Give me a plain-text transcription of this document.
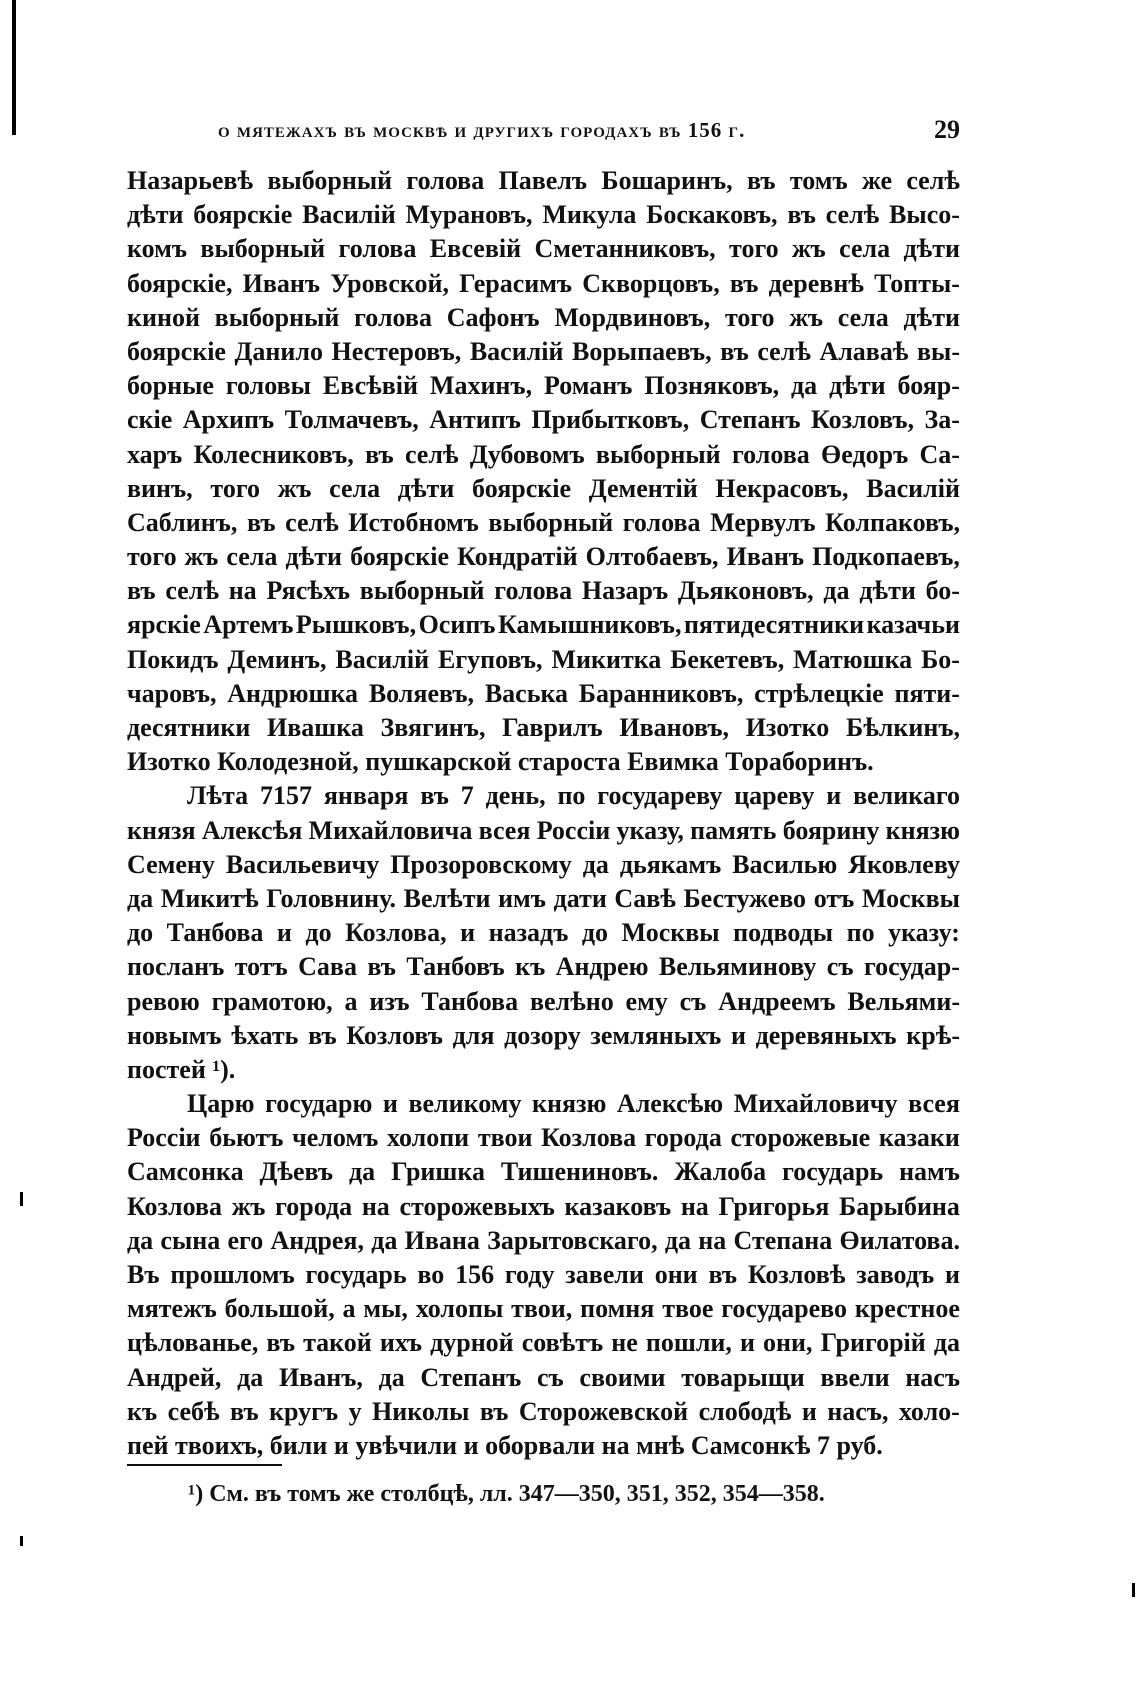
о мятежахъ въ москвѣ и другихъ городахъ въ 156 г.	29
Назарьевѣ выборный голова Павелъ Бошаринъ, въ томъ же селѣ
дѣти боярскіе Василій Мурановъ, Микула Боскаковъ, въ селѣ Высо-
комъ выборный голова Евсевій Сметанниковъ, того жъ села дѣти
боярскіе, Иванъ Уровской, Герасимъ Скворцовъ, въ деревнѣ Топты-
киной выборный голова Сафонъ Мордвиновъ, того жъ села дѣти
боярскіе Данило Нестеровъ, Василій Ворыпаевъ, въ селѣ Алавaѣ вы-
борные головы Евсѣвій Махинъ, Романъ Позняковъ, да дѣти бояр-
скіе Архипъ Толмачевъ, Антипъ Прибытковъ, Степанъ Козловъ, За-
харъ Колесниковъ, въ селѣ Дубовомъ выборный голова Өедоръ Са-
винъ, того жъ села дѣти боярскіе Дементій Некрасовъ, Василій
Саблинъ, въ селѣ Истобномъ выборный голова Мервулъ Колпаковъ,
того жъ села дѣти боярскіе Кондратій Олтобаевъ, Иванъ Подкопаевъ,
въ селѣ на Рясѣхъ выборный голова Назаръ Дьяконовъ, да дѣти бо-
ярскіе Артемъ Рышковъ, Осипъ Камышниковъ, пятидесятники казачьи
Покидъ Деминъ, Василій Егуповъ, Микитка Бекетевъ, Матюшка Бо-
чаровъ, Андрюшка Воляевъ, Васька Баранниковъ, стрѣлецкіе пяти-
десятники Ивашка Звягинъ, Гаврилъ Ивановъ, Изотко Бѣлкинъ,
Изотко Колодезной, пушкарской староста Евимка Тораборинъ.
Лѣта 7157 января въ 7 день, по государеву цареву и великаго
князя Алексѣя Михайловича всея Россіи указу, память боярину князю
Семену Васильевичу Прозоровскому да дьякамъ Василью Яковлеву
да Микитѣ Головнину. Велѣти имъ дати Савѣ Бестужево отъ Москвы
до Танбова и до Козлова, и назадъ до Москвы подводы по указу:
посланъ тотъ Сава въ Танбовъ къ Андрею Вельяминову съ государ-
ревою грамотою, а изъ Танбова велѣно ему съ Андреемъ Вельями-
новымъ ѣхать въ Козловъ для дозору земляныхъ и деревяныхъ крѣ-
постей ¹).
Царю государю и великому князю Алексѣю Михайловичу всея
Россіи бьютъ челомъ холопи твои Козлова города сторожевые казаки
Самсонка Дѣевъ да Гришка Тишениновъ. Жалоба государь намъ
Козлова жъ города на сторожевыхъ казаковъ на Григорья Барыбина
да сына его Андрея, да Ивана Зарытовскаго, да на Степана Өилатова.
Въ прошломъ государь во 156 году завели они въ Козловѣ заводъ и
мятежъ большой, а мы, холопы твои, помня твое государево крестное
цѣлованье, въ такой ихъ дурной совѣтъ не пошли, и они, Григорій да
Андрей, да Иванъ, да Степанъ съ своими товарыщи ввели насъ
къ себѣ въ кругъ у Николы въ Сторожевской слободѣ и насъ, холо-
пей твоихъ, били и увѣчили и оборвали на мнѣ Самсонкѣ 7 руб.
¹) См. въ томъ же столбцѣ, лл. 347—350, 351, 352, 354—358.
